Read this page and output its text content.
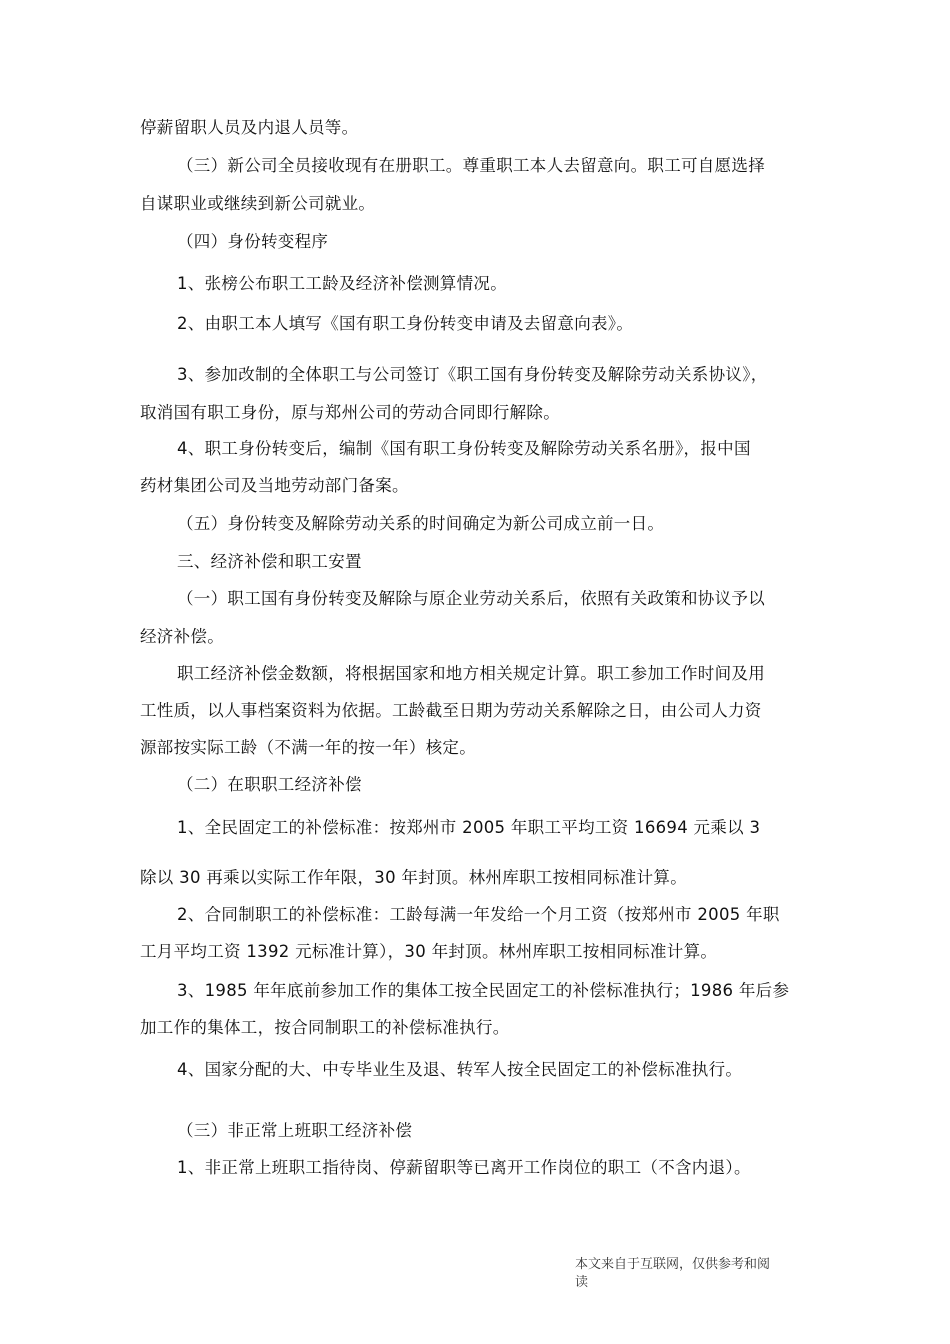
停薪留职人员及内退人员等。

（三）新公司全员接收现有在册职工。尊重职工本人去留意向。职工可自愿选择

自谋职业或继续到新公司就业。

（四）身份转变程序

1、张榜公布职工工龄及经济补偿测算情况。

2、由职工本人填写《国有职工身份转变申请及去留意向表》。

3、参加改制的全体职工与公司签订《职工国有身份转变及解除劳动关系协议》，

取消国有职工身份，原与郑州公司的劳动合同即行解除。

4、职工身份转变后，编制《国有职工身份转变及解除劳动关系名册》，报中国

药材集团公司及当地劳动部门备案。

（五）身份转变及解除劳动关系的时间确定为新公司成立前一日。

三、经济补偿和职工安置

（一）职工国有身份转变及解除与原企业劳动关系后，依照有关政策和协议予以

经济补偿。

职工经济补偿金数额，将根据国家和地方相关规定计算。职工参加工作时间及用

工性质，以人事档案资料为依据。工龄截至日期为劳动关系解除之日，由公司人力资

源部按实际工龄（不满一年的按一年）核定。

（二）在职职工经济补偿

1、全民固定工的补偿标准：按郑州市 2005 年职工平均工资 16694 元乘以 3

除以 30 再乘以实际工作年限，30 年封顶。林州库职工按相同标准计算。

2、合同制职工的补偿标准：工龄每满一年发给一个月工资（按郑州市 2005 年职

工月平均工资 1392 元标准计算），30 年封顶。林州库职工按相同标准计算。

3、1985 年年底前参加工作的集体工按全民固定工的补偿标准执行；1986 年后参

加工作的集体工，按合同制职工的补偿标准执行。

4、国家分配的大、中专毕业生及退、转军人按全民固定工的补偿标准执行。

（三）非正常上班职工经济补偿

1、非正常上班职工指待岗、停薪留职等已离开工作岗位的职工（不含内退）。

本文来自于互联网，仅供参考和阅
读
